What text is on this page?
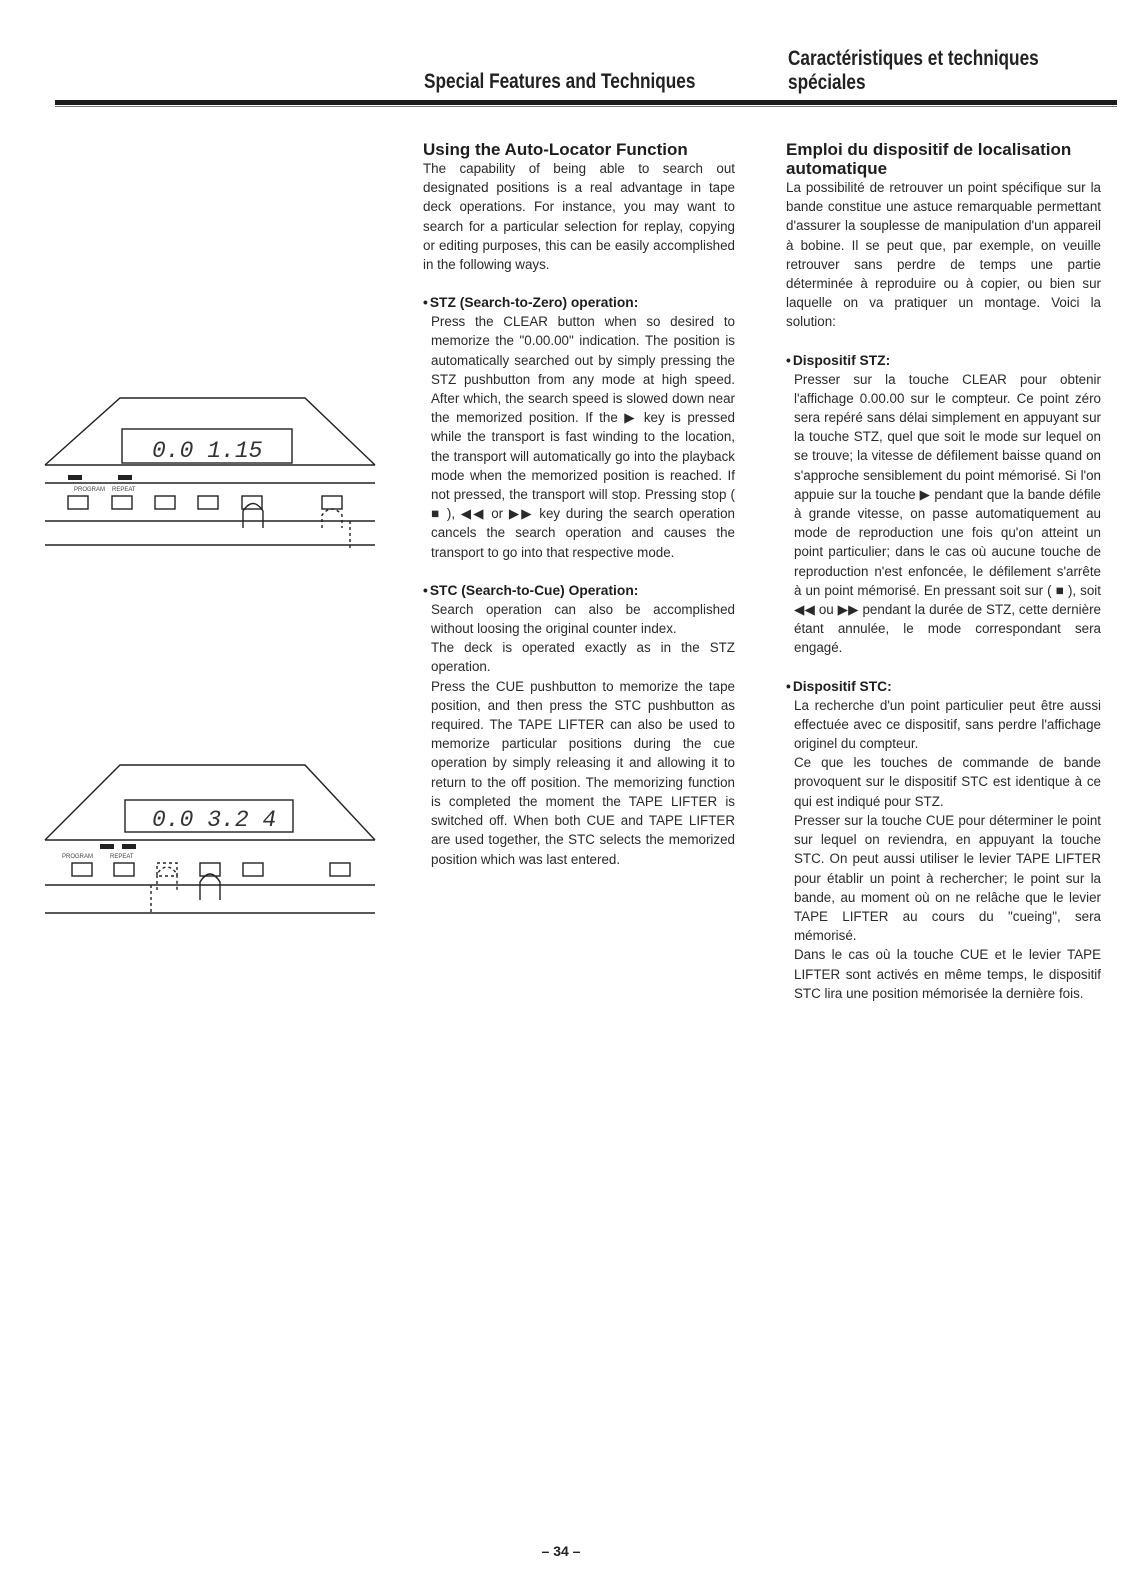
Special Features and Techniques
Caractéristiques et techniques spéciales
PROGRAM REPEAT
0.0 1.15
PROGRAM	REPEAT
0.0 3.2 4
Using the Auto-Locator Function

The capability of being able to search out designated positions is a real advantage in tape deck operations. For instance, you may want to search for a particular selection for replay, copying or editing purposes, this can be easily accomplished in the following ways.

• STZ (Search-to-Zero) operation:

Press the CLEAR button when so desired to memorize the "0.00.00" indication. The position is automatically searched out by simply pressing the STZ pushbutton from any mode at high speed. After which, the search speed is slowed down near the memorized position. If the ▶ key is pressed while the transport is fast winding to the location, the transport will automatically go into the playback mode when the memorized position is reached. If not pressed, the transport will stop. Pressing stop ( ■ ), ◀◀ or ▶▶ key during the search operation cancels the search operation and causes the transport to go into that respective mode.

• STC (Search-to-Cue) Operation:

Search operation can also be accomplished without loosing the original counter index.

The deck is operated exactly as in the STZ operation.

Press the CUE pushbutton to memorize the tape position, and then press the STC pushbutton as required. The TAPE LIFTER can also be used to memorize particular positions during the cue operation by simply releasing it and allowing it to return to the off position. The memorizing function is completed the moment the TAPE LIFTER is switched off. When both CUE and TAPE LIFTER are used together, the STC selects the memorized position which was last entered.

Emploi du dispositif de localisation automatique

La possibilité de retrouver un point spécifique sur la bande constitue une astuce remarquable permettant d'assurer la souplesse de manipulation d'un appareil à bobine. Il se peut que, par exemple, on veuille retrouver sans perdre de temps une partie déterminée à reproduire ou à copier, ou bien sur laquelle on va pratiquer un montage. Voici la solution:

• Dispositif STZ:

Presser sur la touche CLEAR pour obtenir l'affichage 0.00.00 sur le compteur. Ce point zéro sera repéré sans délai simplement en appuyant sur la touche STZ, quel que soit le mode sur lequel on se trouve; la vitesse de défilement baisse quand on s'approche sensiblement du point mémorisé. Si l'on appuie sur la touche ▶ pendant que la bande défile à grande vitesse, on passe automatiquement au mode de reproduction une fois qu'on atteint un point particulier; dans le cas où aucune touche de reproduction n'est enfoncée, le défilement s'arrête à un point mémorisé. En pressant soit sur ( ■ ), soit ◀◀ ou ▶▶ pendant la durée de STZ, cette dernière étant annulée, le mode correspondant sera engagé.

• Dispositif STC:

La recherche d'un point particulier peut être aussi effectuée avec ce dispositif, sans perdre l'affichage originel du compteur.

Ce que les touches de commande de bande provoquent sur le dispositif STC est identique à ce qui est indiqué pour STZ.

Presser sur la touche CUE pour déterminer le point sur lequel on reviendra, en appuyant la touche STC. On peut aussi utiliser le levier TAPE LIFTER pour établir un point à rechercher; le point sur la bande, au moment où on ne relâche que le levier TAPE LIFTER au cours du "cueing", sera mémorisé.

Dans le cas où la touche CUE et le levier TAPE LIFTER sont activés en même temps, le dispositif STC lira une position mémorisée la dernière fois.

– 34 –
